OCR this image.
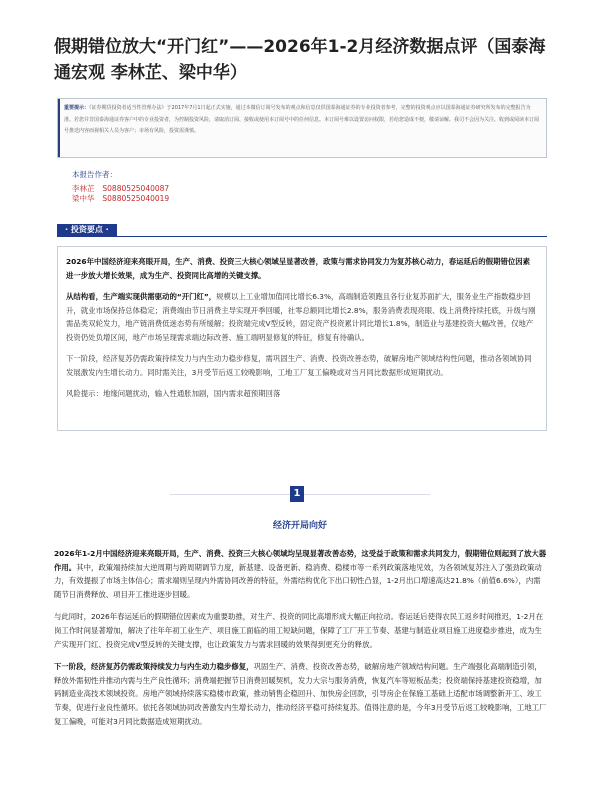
假期错位放大“开门红”——2026年1-2月经济数据点评（国泰海通宏观 李林芷、梁中华）
重要提示：《证券期货投资者适当性管理办法》于2017年7月1日起正式实施，通过本微信订阅号发布的观点和信息仅供国泰海通证券的专业投资者参考，完整的投资观点应以国泰海通证券研究所发布的完整报告为准。若您并非国泰海通证券客户中的专业投资者，为控制投资风险，请取消订阅、接收或使用本订阅号中的任何信息。本订阅号难以设置访问权限，若给您造成不便，敬请谅解。我司不会因为关注、收到或阅读本订阅号推送内容而视相关人员为客户；市场有风险，投资需谨慎。
本报告作者：
李林芷 S0880525040087
梁中华 S0880525040019
· 投资要点 ·

2026年中国经济迎来亮眼开局，生产、消费、投资三大核心领域呈显著改善，政策与需求协同发力为复苏核心动力，春运延后的假期错位因素进一步放大增长效果，成为生产、投资同比高增的关键支撑。

从结构看，生产端实现供需驱动的“开门红”，规模以上工业增加值同比增长6.3%，高端制造领跑且各行业复苏面扩大，服务业生产指数稳步回升，就业市场保持总体稳定；消费端由节日消费主导实现开季回暖，社零总额同比增长2.8%，服务消费表现亮眼、线上消费持续托底，升级与刚需品类双轮发力，地产链消费低迷态势有所缓解；投资端完成V型反转，固定资产投资累计同比增长1.8%，制造业与基建投资大幅改善，仅地产投资仍处负增区间，地产市场呈现需求端边际改善、施工端明显修复的特征，修复有待确认。

下一阶段，经济复苏仍需政策持续发力与内生动力稳步修复，需巩固生产、消费、投资改善态势，破解房地产领域结构性问题，推动各领域协同发展激发内生增长动力。同时需关注，3月受节后返工较晚影响，工地工厂复工偏晚或对当月同比数据形成短期扰动。

风险提示：地缘问题扰动，输入性通胀加剧，国内需求超预期回落

1
经济开局向好

2026年1-2月中国经济迎来亮眼开局，生产、消费、投资三大核心领域均呈现显著改善态势，这受益于政策和需求共同发力，假期错位则起到了放大器作用。其中，政策端持续加大逆周期与跨周期调节力度，新基建、设备更新、稳消费、稳楼市等一系列政策落地见效，为各领域复苏注入了强劲政策动力，有效提振了市场主体信心；需求端则呈现内外需协同改善的特征，外需结构优化下出口韧性凸显，1-2月出口增速高达21.8%（前值6.6%），内需随节日消费释放、项目开工推进逐步回暖。

与此同时，2026年春运延后的假期错位因素成为重要助推，对生产、投资的同比高增形成大幅正向拉动。春运延后使得农民工返乡时间推迟，1-2月在岗工作时间显著增加，解决了往年年初工业生产、项目施工面临的用工短缺问题，保障了工厂开工节奏、基建与制造业项目施工进度稳步推进，成为生产实现开门红、投资完成V型反转的关键支撑，也让政策发力与需求回暖的效果得到更充分的释放。

下一阶段，经济复苏仍需政策持续发力与内生动力稳步修复，巩固生产、消费、投资改善态势，破解房地产领域结构问题。生产端强化高端制造引领，释放外需韧性并推动内需与生产良性循环；消费端把握节日消费回暖契机，发力大宗与服务消费，恢复汽车等短板品类；投资端保持基建投资稳增，加码制造业高技术领域投资。房地产领域持续落实稳楼市政策，推动销售企稳回升、加快房企回款，引导房企在保施工基础上适配市场调整新开工、竣工节奏，促进行业良性循环。依托各领域协同改善激发内生增长动力，推动经济平稳可持续复苏。值得注意的是，今年3月受节后返工较晚影响，工地工厂复工偏晚，可能对3月同比数据造成短期扰动。
